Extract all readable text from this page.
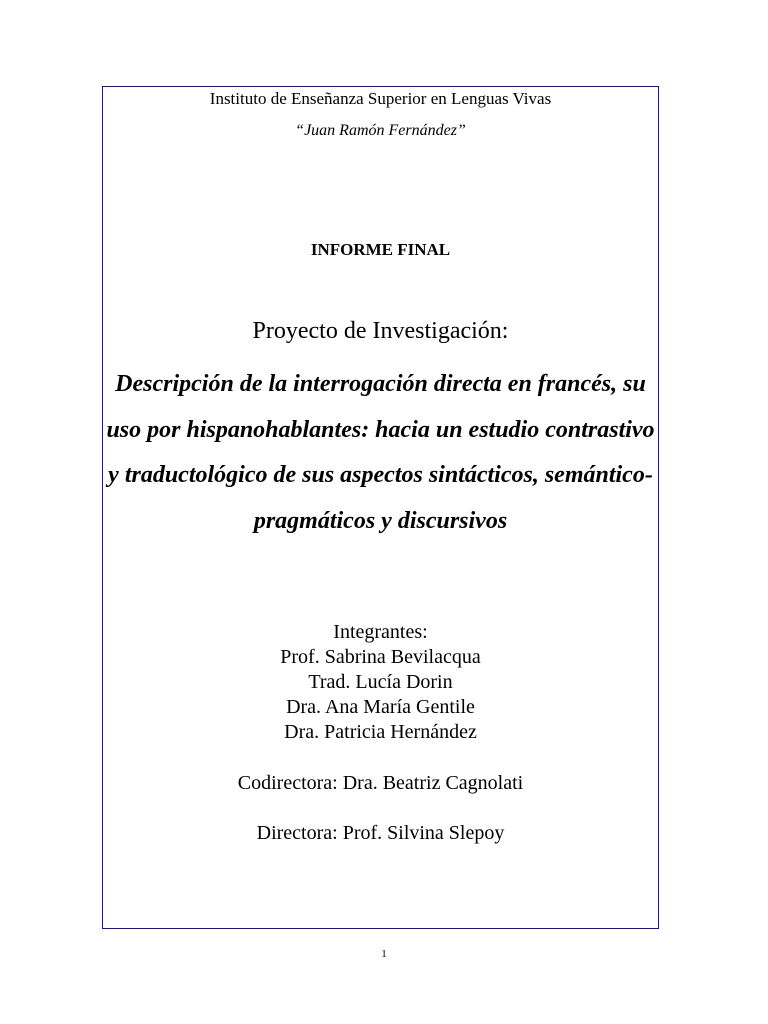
Instituto de Enseñanza Superior en Lenguas Vivas
“Juan Ramón Fernández”
INFORME FINAL
Proyecto de Investigación:
Descripción de la interrogación directa en francés, su uso por hispanohablantes: hacia un estudio contrastivo y traductológico de sus aspectos sintácticos, semántico-pragmáticos y discursivos
Integrantes:
Prof. Sabrina Bevilacqua
Trad. Lucía Dorin
Dra. Ana María Gentile
Dra. Patricia Hernández
Codirectora: Dra. Beatriz Cagnolati
Directora: Prof. Silvina Slepoy
1
